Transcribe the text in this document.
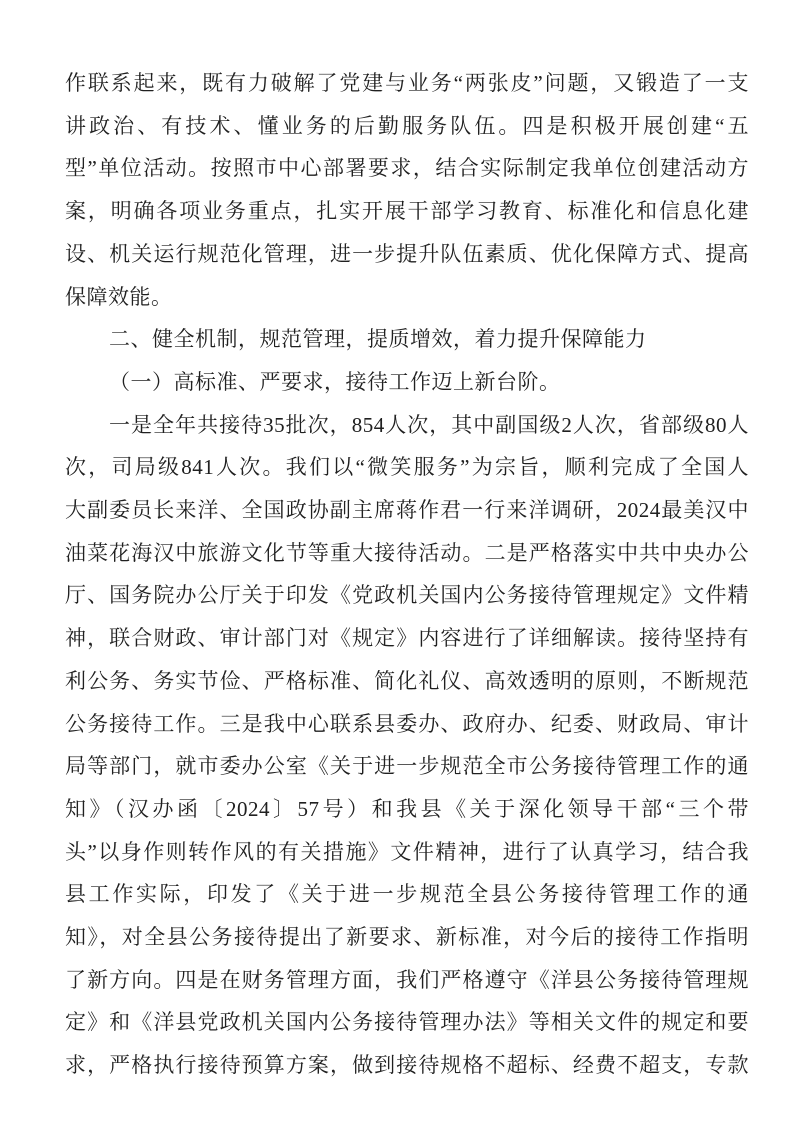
作联系起来，既有力破解了党建与业务“两张皮”问题，又锻造了一支
讲政治、有技术、懂业务的后勤服务队伍。四是积极开展创建“五
型”单位活动。按照市中心部署要求，结合实际制定我单位创建活动方
案，明确各项业务重点，扎实开展干部学习教育、标准化和信息化建
设、机关运行规范化管理，进一步提升队伍素质、优化保障方式、提高
保障效能。
二、健全机制，规范管理，提质增效，着力提升保障能力
（一）高标准、严要求，接待工作迈上新台阶。
一是全年共接待35批次，854人次，其中副国级2人次，省部级80人
次，司局级841人次。我们以“微笑服务”为宗旨，顺利完成了全国人
大副委员长来洋、全国政协副主席蒋作君一行来洋调研，2024最美汉中
油菜花海汉中旅游文化节等重大接待活动。二是严格落实中共中央办公
厅、国务院办公厅关于印发《党政机关国内公务接待管理规定》文件精
神，联合财政、审计部门对《规定》内容进行了详细解读。接待坚持有
利公务、务实节俭、严格标准、简化礼仪、高效透明的原则，不断规范
公务接待工作。三是我中心联系县委办、政府办、纪委、财政局、审计
局等部门，就市委办公室《关于进一步规范全市公务接待管理工作的通
知》（汉办函〔2024〕57号）和我县《关于深化领导干部“三个带
头”以身作则转作风的有关措施》文件精神，进行了认真学习，结合我
县工作实际，印发了《关于进一步规范全县公务接待管理工作的通
知》，对全县公务接待提出了新要求、新标准，对今后的接待工作指明
了新方向。四是在财务管理方面，我们严格遵守《洋县公务接待管理规
定》和《洋县党政机关国内公务接待管理办法》等相关文件的规定和要
求，严格执行接待预算方案，做到接待规格不超标、经费不超支，专款
